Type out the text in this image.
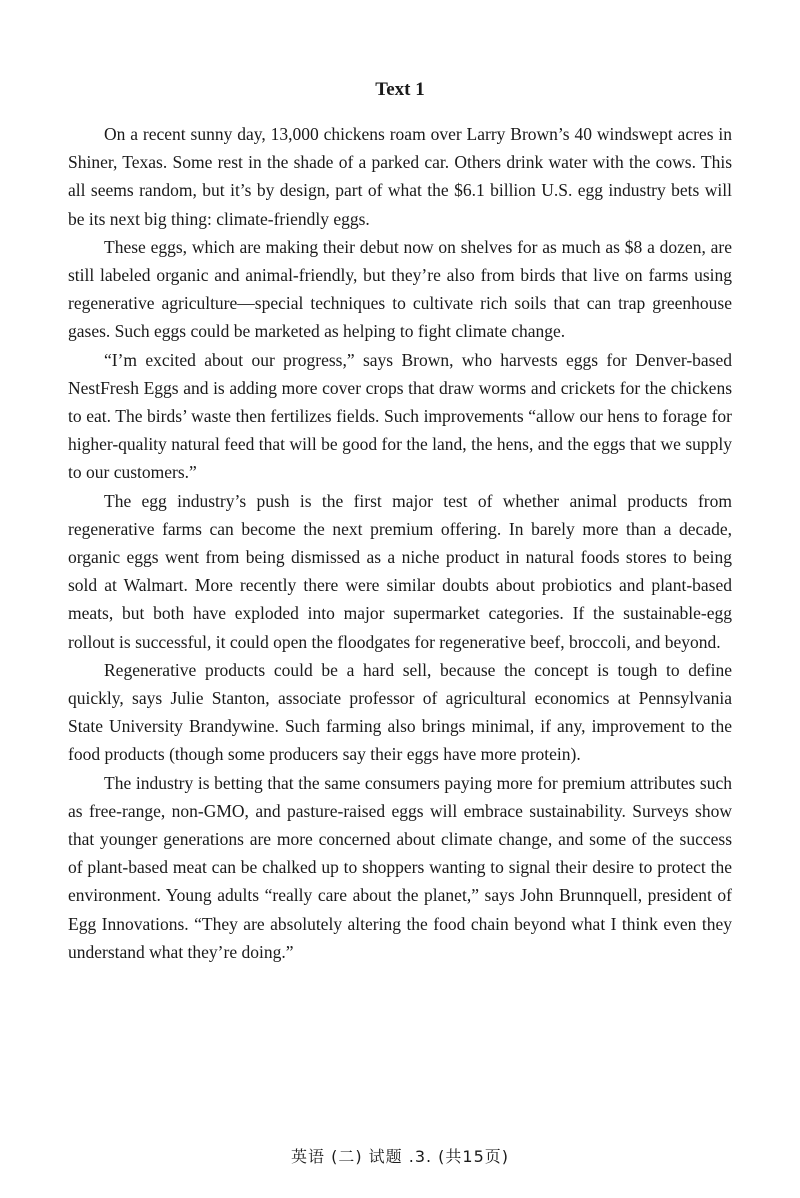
Text 1

On a recent sunny day, 13,000 chickens roam over Larry Brown’s 40 windswept acres in Shiner, Texas. Some rest in the shade of a parked car. Others drink water with the cows. This all seems random, but it’s by design, part of what the $6.1 billion U.S. egg industry bets will be its next big thing: climate-friendly eggs.

These eggs, which are making their debut now on shelves for as much as $8 a dozen, are still labeled organic and animal-friendly, but they’re also from birds that live on farms using regenerative agriculture—special techniques to cultivate rich soils that can trap greenhouse gases. Such eggs could be marketed as helping to fight climate change.

“I’m excited about our progress,” says Brown, who harvests eggs for Denver-based NestFresh Eggs and is adding more cover crops that draw worms and crickets for the chickens to eat. The birds’ waste then fertilizes fields. Such improvements “allow our hens to forage for higher-quality natural feed that will be good for the land, the hens, and the eggs that we supply to our customers.”

The egg industry’s push is the first major test of whether animal products from regenerative farms can become the next premium offering. In barely more than a decade, organic eggs went from being dismissed as a niche product in natural foods stores to being sold at Walmart. More recently there were similar doubts about probiotics and plant-based meats, but both have exploded into major supermarket categories. If the sustainable-egg rollout is successful, it could open the floodgates for regenerative beef, broccoli, and beyond.

Regenerative products could be a hard sell, because the concept is tough to define quickly, says Julie Stanton, associate professor of agricultural economics at Pennsylvania State University Brandywine. Such farming also brings minimal, if any, improvement to the food products (though some producers say their eggs have more protein).

The industry is betting that the same consumers paying more for premium attributes such as free-range, non-GMO, and pasture-raised eggs will embrace sustainability. Surveys show that younger generations are more concerned about climate change, and some of the success of plant-based meat can be chalked up to shoppers wanting to signal their desire to protect the environment. Young adults “really care about the planet,” says John Brunnquell, president of Egg Innovations. “They are absolutely altering the food chain beyond what I think even they understand what they’re doing.”

英语 (二) 试题 .3. (共15页)
